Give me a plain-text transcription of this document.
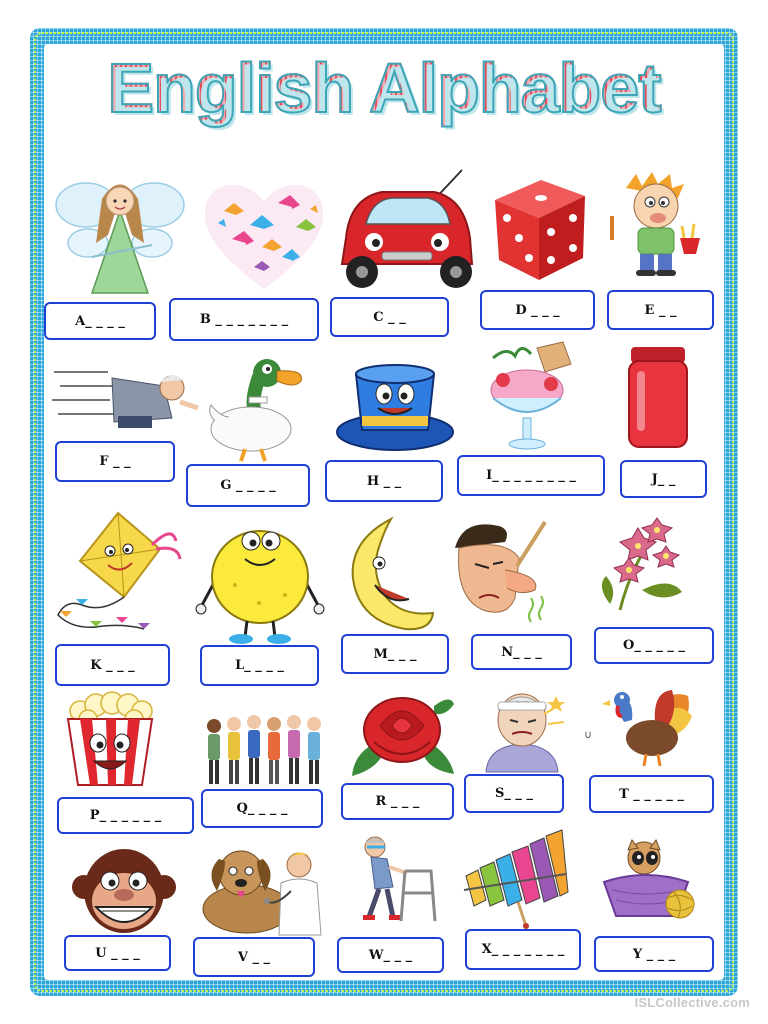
English Alphabet
A_ _ _ _	B _ _ _ _ _ _ _	C _ _	D _ _ _	E _ _
F _ _
G _ _ _ _	H _ _	I_ _ _ _ _ _ _ _	J_ _
K _ _ _	L_ _ _ _
M_ _ _	N_ _ _	O_ _ _ _ _
P_ _ _ _ _ _	Q_ _ _ _	R _ _ _
S_ _ _
∪
T _ _ _ _ _
U _ _ _	V _ _	W_ _ _	X_ _ _ _ _ _ _	Y _ _ _
ISLCollective.com
